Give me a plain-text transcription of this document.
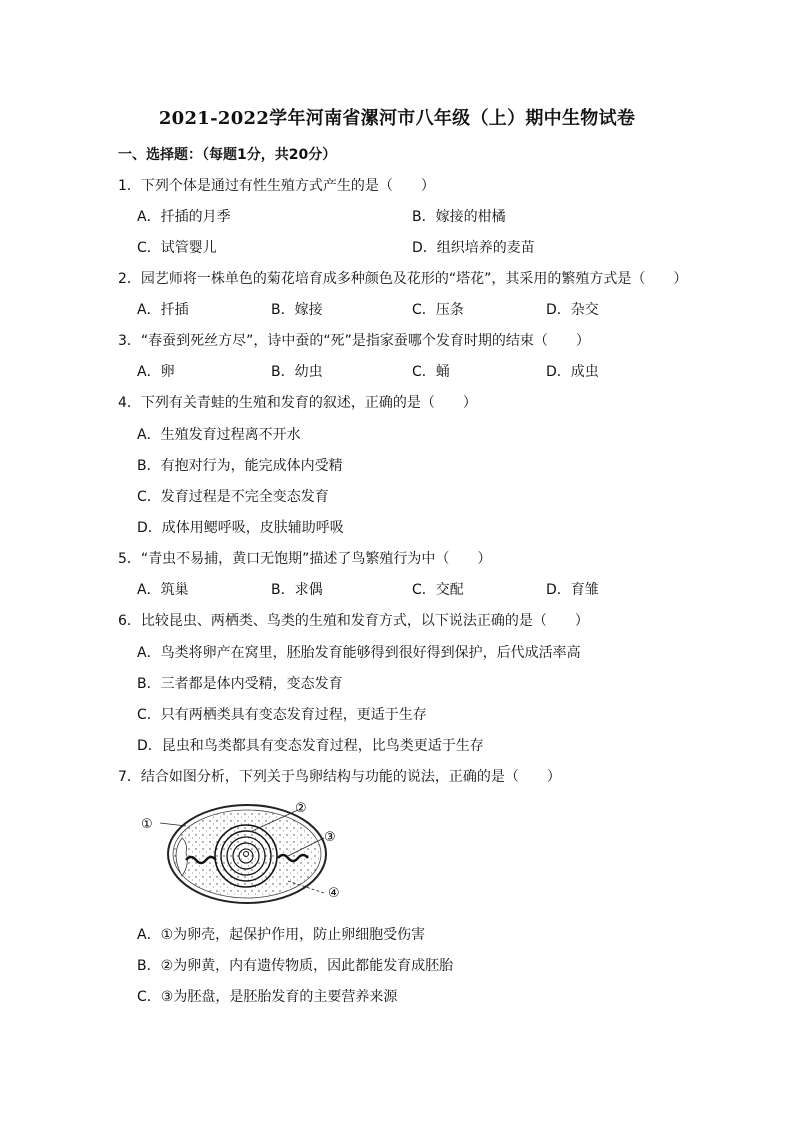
2021-2022学年河南省漯河市八年级（上）期中生物试卷
一、选择题：（每题1分，共20分）
1．下列个体是通过有性生殖方式产生的是（　　）
A．扦插的月季	B．嫁接的柑橘
C．试管婴儿	D．组织培养的麦苗
2．园艺师将一株单色的菊花培育成多种颜色及花形的“塔花”，其采用的繁殖方式是（　　）
A．扦插	B．嫁接	C．压条	D．杂交
3．“春蚕到死丝方尽”，诗中蚕的“死”是指家蚕哪个发育时期的结束（　　）
A．卵	B．幼虫	C．蛹	D．成虫
4．下列有关青蛙的生殖和发育的叙述，正确的是（　　）
A．生殖发育过程离不开水
B．有抱对行为，能完成体内受精
C．发育过程是不完全变态发育
D．成体用鳃呼吸，皮肤辅助呼吸
5．“青虫不易捕，黄口无饱期”描述了鸟繁殖行为中（　　）
A．筑巢	B．求偶	C．交配	D．育雏
6．比较昆虫、两栖类、鸟类的生殖和发育方式，以下说法正确的是（　　）
A．鸟类将卵产在窝里，胚胎发育能够得到很好得到保护，后代成活率高
B．三者都是体内受精，变态发育
C．只有两栖类具有变态发育过程，更适于生存
D．昆虫和鸟类都具有变态发育过程，比鸟类更适于生存
7．结合如图分析，下列关于鸟卵结构与功能的说法，正确的是（　　）
①
②
③
④
A．①为卵壳，起保护作用，防止卵细胞受伤害
B．②为卵黄，内有遗传物质，因此都能发育成胚胎
C．③为胚盘，是胚胎发育的主要营养来源
